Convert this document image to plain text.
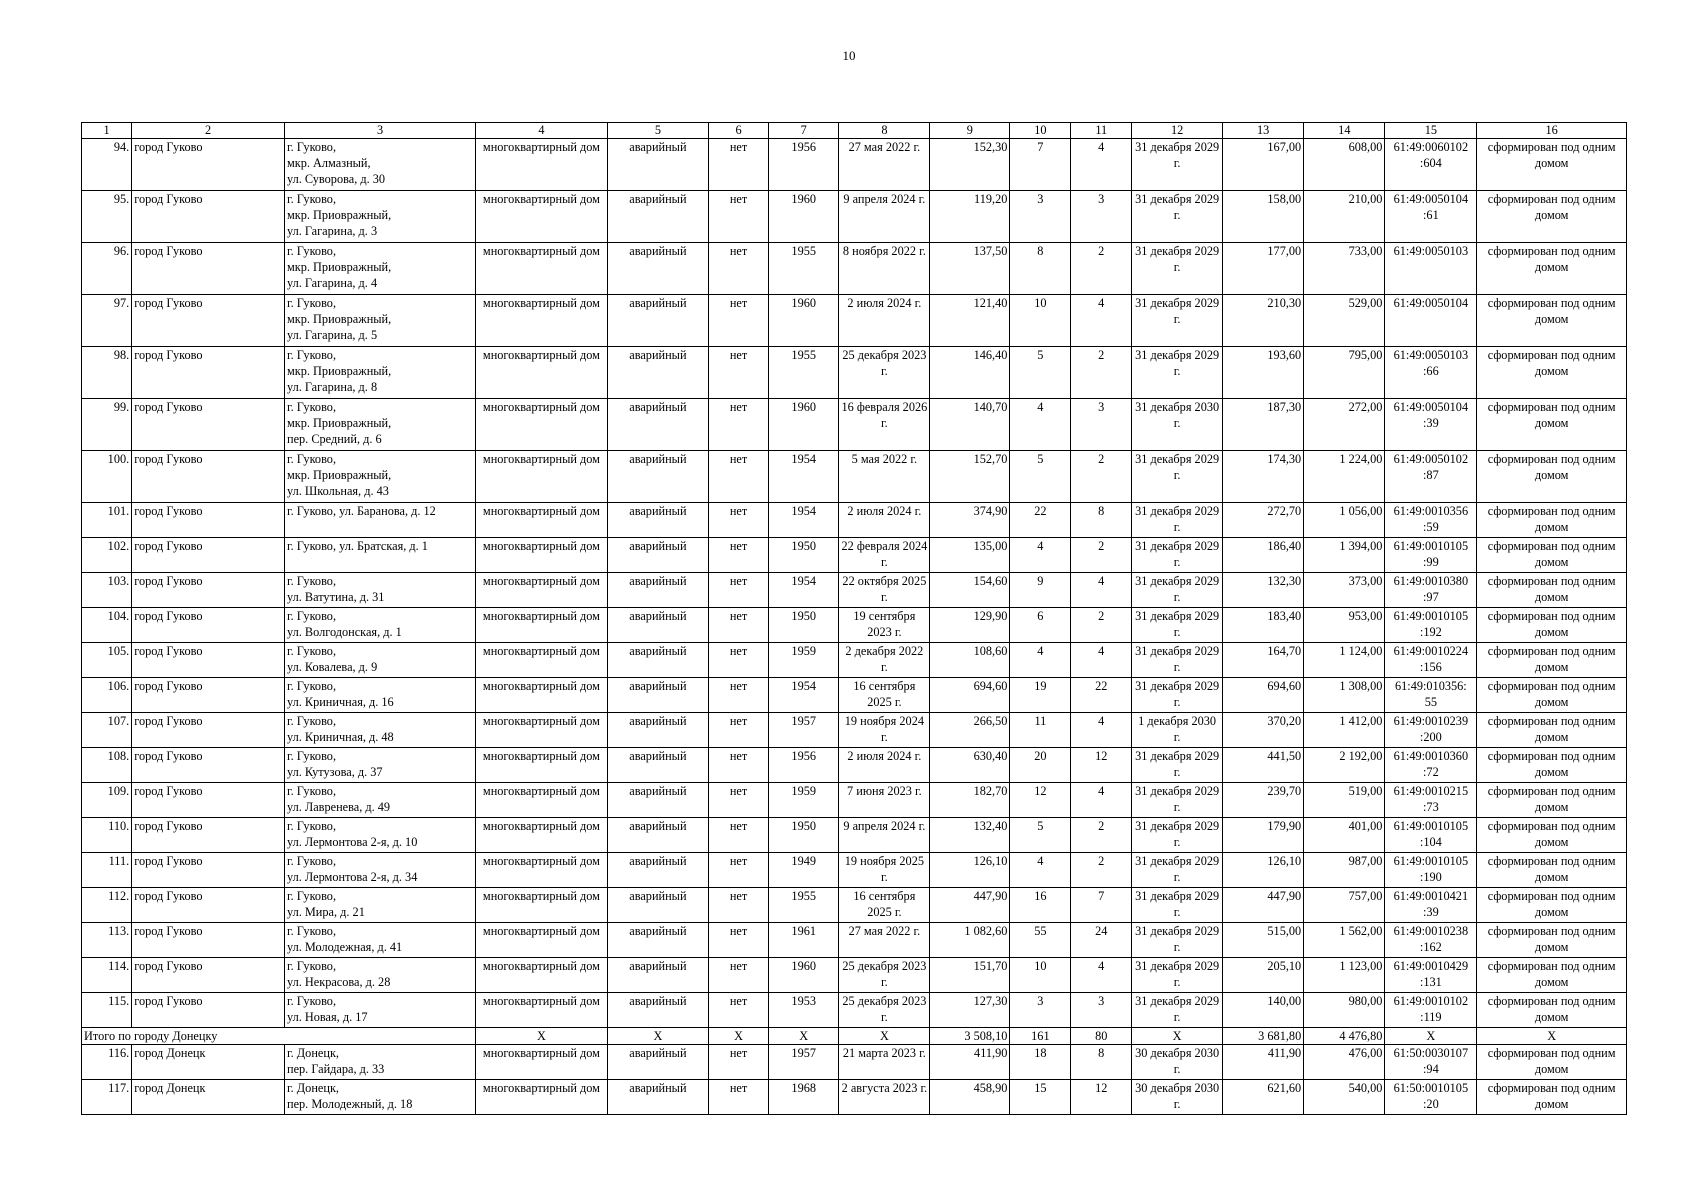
10
1	2	3	4	5	6	7	8	9	10	11	12	13	14	15	16
94.	город Гуково	г. Гуково,
мкр. Алмазный,
ул. Суворова, д. 30	многоквартирный дом	аварийный	нет	1956	27 мая 2022 г.	152,30	7	4	31 декабря 2029 г.	167,00	608,00	61:49:0060102 :604	сформирован под одним домом
95.	город Гуково	г. Гуково,
мкр. Приовражный,
ул. Гагарина, д. 3	многоквартирный дом	аварийный	нет	1960	9 апреля 2024 г.	119,20	3	3	31 декабря 2029 г.	158,00	210,00	61:49:0050104 :61	сформирован под одним домом
96.	город Гуково	г. Гуково,
мкр. Приовражный,
ул. Гагарина, д. 4	многоквартирный дом	аварийный	нет	1955	8 ноября 2022 г.	137,50	8	2	31 декабря 2029 г.	177,00	733,00	61:49:0050103	сформирован под одним домом
97.	город Гуково	г. Гуково,
мкр. Приовражный,
ул. Гагарина, д. 5	многоквартирный дом	аварийный	нет	1960	2 июля 2024 г.	121,40	10	4	31 декабря 2029 г.	210,30	529,00	61:49:0050104	сформирован под одним домом
98.	город Гуково	г. Гуково,
мкр. Приовражный,
ул. Гагарина, д. 8	многоквартирный дом	аварийный	нет	1955	25 декабря 2023 г.	146,40	5	2	31 декабря 2029 г.	193,60	795,00	61:49:0050103 :66	сформирован под одним домом
99.	город Гуково	г. Гуково,
мкр. Приовражный,
пер. Средний, д. 6	многоквартирный дом	аварийный	нет	1960	16 февраля 2026 г.	140,70	4	3	31 декабря 2030 г.	187,30	272,00	61:49:0050104 :39	сформирован под одним домом
100.	город Гуково	г. Гуково,
мкр. Приовражный,
ул. Школьная, д. 43	многоквартирный дом	аварийный	нет	1954	5 мая 2022 г.	152,70	5	2	31 декабря 2029 г.	174,30	1 224,00	61:49:0050102 :87	сформирован под одним домом
101.	город Гуково	г. Гуково, ул. Баранова, д. 12	многоквартирный дом	аварийный	нет	1954	2 июля 2024 г.	374,90	22	8	31 декабря 2029 г.	272,70	1 056,00	61:49:0010356 :59	сформирован под одним домом
102.	город Гуково	г. Гуково, ул. Братская, д. 1	многоквартирный дом	аварийный	нет	1950	22 февраля 2024 г.	135,00	4	2	31 декабря 2029 г.	186,40	1 394,00	61:49:0010105 :99	сформирован под одним домом
103.	город Гуково	г. Гуково,
ул. Ватутина, д. 31	многоквартирный дом	аварийный	нет	1954	22 октября 2025 г.	154,60	9	4	31 декабря 2029 г.	132,30	373,00	61:49:0010380 :97	сформирован под одним домом
104.	город Гуково	г. Гуково,
ул. Волгодонская, д. 1	многоквартирный дом	аварийный	нет	1950	19 сентября 2023 г.	129,90	6	2	31 декабря 2029 г.	183,40	953,00	61:49:0010105 :192	сформирован под одним домом
105.	город Гуково	г. Гуково,
ул. Ковалева, д. 9	многоквартирный дом	аварийный	нет	1959	2 декабря 2022 г.	108,60	4	4	31 декабря 2029 г.	164,70	1 124,00	61:49:0010224 :156	сформирован под одним домом
106.	город Гуково	г. Гуково,
ул. Криничная, д. 16	многоквартирный дом	аварийный	нет	1954	16 сентября 2025 г.	694,60	19	22	31 декабря 2029 г.	694,60	1 308,00	61:49:010356: 55	сформирован под одним домом
107.	город Гуково	г. Гуково,
ул. Криничная, д. 48	многоквартирный дом	аварийный	нет	1957	19 ноября 2024 г.	266,50	11	4	1 декабря 2030 г.	370,20	1 412,00	61:49:0010239 :200	сформирован под одним домом
108.	город Гуково	г. Гуково,
ул. Кутузова, д. 37	многоквартирный дом	аварийный	нет	1956	2 июля 2024 г.	630,40	20	12	31 декабря 2029 г.	441,50	2 192,00	61:49:0010360 :72	сформирован под одним домом
109.	город Гуково	г. Гуково,
ул. Лавренева, д. 49	многоквартирный дом	аварийный	нет	1959	7 июня 2023 г.	182,70	12	4	31 декабря 2029 г.	239,70	519,00	61:49:0010215 :73	сформирован под одним домом
110.	город Гуково	г. Гуково,
ул. Лермонтова 2-я, д. 10	многоквартирный дом	аварийный	нет	1950	9 апреля 2024 г.	132,40	5	2	31 декабря 2029 г.	179,90	401,00	61:49:0010105 :104	сформирован под одним домом
111.	город Гуково	г. Гуково,
ул. Лермонтова 2-я, д. 34	многоквартирный дом	аварийный	нет	1949	19 ноября 2025 г.	126,10	4	2	31 декабря 2029 г.	126,10	987,00	61:49:0010105 :190	сформирован под одним домом
112.	город Гуково	г. Гуково,
ул. Мира, д. 21	многоквартирный дом	аварийный	нет	1955	16 сентября 2025 г.	447,90	16	7	31 декабря 2029 г.	447,90	757,00	61:49:0010421 :39	сформирован под одним домом
113.	город Гуково	г. Гуково,
ул. Молодежная, д. 41	многоквартирный дом	аварийный	нет	1961	27 мая 2022 г.	1 082,60	55	24	31 декабря 2029 г.	515,00	1 562,00	61:49:0010238 :162	сформирован под одним домом
114.	город Гуково	г. Гуково,
ул. Некрасова, д. 28	многоквартирный дом	аварийный	нет	1960	25 декабря 2023 г.	151,70	10	4	31 декабря 2029 г.	205,10	1 123,00	61:49:0010429 :131	сформирован под одним домом
115.	город Гуково	г. Гуково,
ул. Новая, д. 17	многоквартирный дом	аварийный	нет	1953	25 декабря 2023 г.	127,30	3	3	31 декабря 2029 г.	140,00	980,00	61:49:0010102 :119	сформирован под одним домом
Итого по городу Донецку			Х	Х	Х	Х	Х	3 508,10	161	80	Х	3 681,80	4 476,80	Х	Х
116.	город Донецк	г. Донецк,
пер. Гайдара, д. 33	многоквартирный дом	аварийный	нет	1957	21 марта 2023 г.	411,90	18	8	30 декабря 2030 г.	411,90	476,00	61:50:0030107 :94	сформирован под одним домом
117.	город Донецк	г. Донецк,
пер. Молодежный, д. 18	многоквартирный дом	аварийный	нет	1968	2 августа 2023 г.	458,90	15	12	30 декабря 2030 г.	621,60	540,00	61:50:0010105 :20	сформирован под одним домом
